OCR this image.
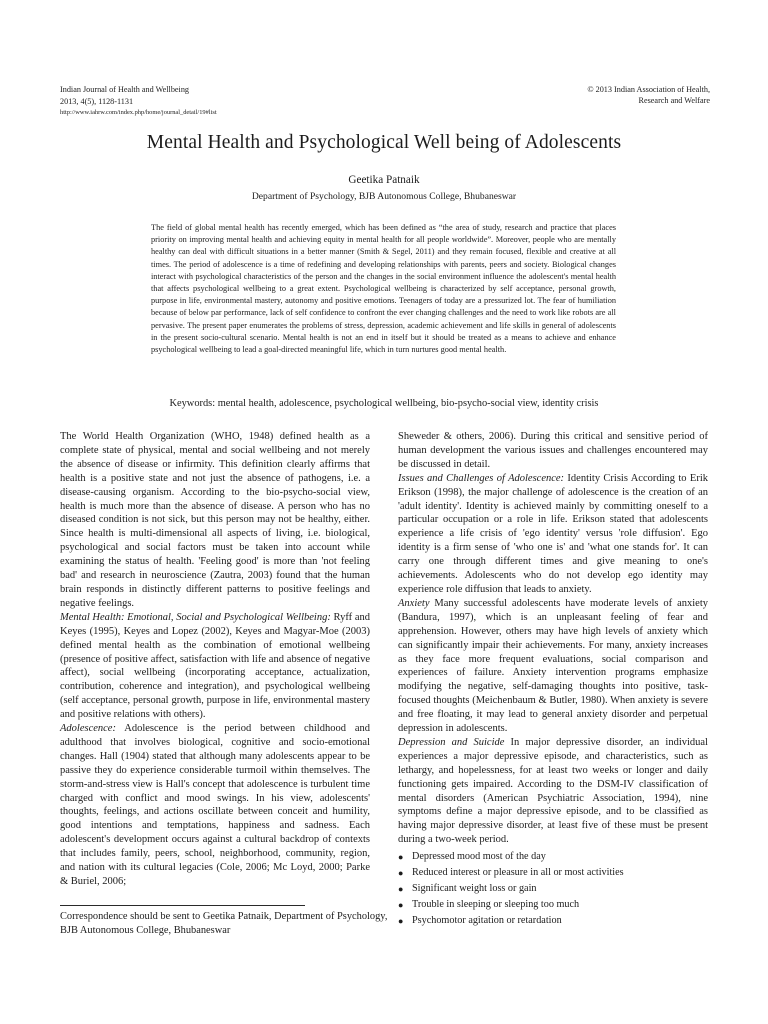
Indian Journal of Health and Wellbeing
2013, 4(5), 1128-1131
http://www.iahrw.com/index.php/home/journal_detail/19#list
© 2013 Indian Association of Health,
Research and Welfare
Mental Health and Psychological Well being of Adolescents
Geetika Patnaik
Department of Psychology, BJB Autonomous College, Bhubaneswar

The field of global mental health has recently emerged, which has been defined as “the area of study, research and practice that places priority on improving mental health and achieving equity in mental health for all people worldwide”. Moreover, people who are mentally healthy can deal with difficult situations in a better manner (Smith & Segel, 2011) and they remain focused, flexible and creative at all times. The period of adolescence is a time of redefining and developing relationships with parents, peers and society. Biological changes interact with psychological characteristics of the person and the changes in the social environment influence the adolescent's mental health that affects psychological wellbeing to a great extent. Psychological wellbeing is characterized by self acceptance, personal growth, purpose in life, environmental mastery, autonomy and positive emotions. Teenagers of today are a pressurized lot. The fear of humiliation because of below par performance, lack of self confidence to confront the ever changing challenges and the need to work like robots are all pervasive. The present paper enumerates the problems of stress, depression, academic achievement and life skills in general of adolescents in the present socio-cultural scenario. Mental health is not an end in itself but it should be treated as a means to achieve and enhance psychological wellbeing to lead a goal-directed meaningful life, which in turn nurtures good mental health.

Keywords: mental health, adolescence, psychological wellbeing, bio-psycho-social view, identity crisis

The World Health Organization (WHO, 1948) defined health as a complete state of physical, mental and social wellbeing and not merely the absence of disease or infirmity. This definition clearly affirms that health is a positive state and not just the absence of pathogens, i.e. a disease-causing organism. According to the bio-psycho-social view, health is much more than the absence of disease. A person who has no diseased condition is not sick, but this person may not be healthy, either. Since health is multi-dimensional all aspects of living, i.e. biological, psychological and social factors must be taken into account while examining the status of health. 'Feeling good' is more than 'not feeling bad' and research in neuroscience (Zautra, 2003) found that the human brain responds in distinctly different patterns to positive feelings and negative feelings.

Mental Health: Emotional, Social and Psychological Wellbeing: Ryff and Keyes (1995), Keyes and Lopez (2002), Keyes and Magyar-Moe (2003) defined mental health as the combination of emotional wellbeing (presence of positive affect, satisfaction with life and absence of negative affect), social wellbeing (incorporating acceptance, actualization, contribution, coherence and integration), and psychological wellbeing (self acceptance, personal growth, purpose in life, environmental mastery and positive relations with others).

Adolescence: Adolescence is the period between childhood and adulthood that involves biological, cognitive and socio-emotional changes. Hall (1904) stated that although many adolescents appear to be passive they do experience considerable turmoil within themselves. The storm-and-stress view is Hall's concept that adolescence is turbulent time charged with conflict and mood swings. In his view, adolescents' thoughts, feelings, and actions oscillate between conceit and humility, good intentions and temptations, happiness and sadness. Each adolescent's development occurs against a cultural backdrop of contexts that includes family, peers, school, neighborhood, community, region, and nation with its cultural legacies (Cole, 2006; Mc Loyd, 2000; Parke & Buriel, 2006;

Correspondence should be sent to Geetika Patnaik, Department of Psychology, BJB Autonomous College, Bhubaneswar

Sheweder & others, 2006). During this critical and sensitive period of human development the various issues and challenges encountered may be discussed in detail.

Issues and Challenges of Adolescence: Identity Crisis According to Erik Erikson (1998), the major challenge of adolescence is the creation of an 'adult identity'. Identity is achieved mainly by committing oneself to a particular occupation or a role in life. Erikson stated that adolescents experience a life crisis of 'ego identity' versus 'role diffusion'. Ego identity is a firm sense of 'who one is' and 'what one stands for'. It can carry one through different times and give meaning to one's achievements. Adolescents who do not develop ego identity may experience role diffusion that leads to anxiety.

Anxiety Many successful adolescents have moderate levels of anxiety (Bandura, 1997), which is an unpleasant feeling of fear and apprehension. However, others may have high levels of anxiety which can significantly impair their achievements. For many, anxiety increases as they face more frequent evaluations, social comparison and experiences of failure. Anxiety intervention programs emphasize modifying the negative, self-damaging thoughts into positive, task-focused thoughts (Meichenbaum & Butler, 1980). When anxiety is severe and free floating, it may lead to general anxiety disorder and perpetual depression in adolescents.

Depression and Suicide In major depressive disorder, an individual experiences a major depressive episode, and characteristics, such as lethargy, and hopelessness, for at least two weeks or longer and daily functioning gets impaired. According to the DSM-IV classification of mental disorders (American Psychiatric Association, 1994), nine symptoms define a major depressive episode, and to be classified as having major depressive disorder, at least five of these must be present during a two-week period.

● Depressed mood most of the day
● Reduced interest or pleasure in all or most activities
● Significant weight loss or gain
● Trouble in sleeping or sleeping too much
● Psychomotor agitation or retardation
